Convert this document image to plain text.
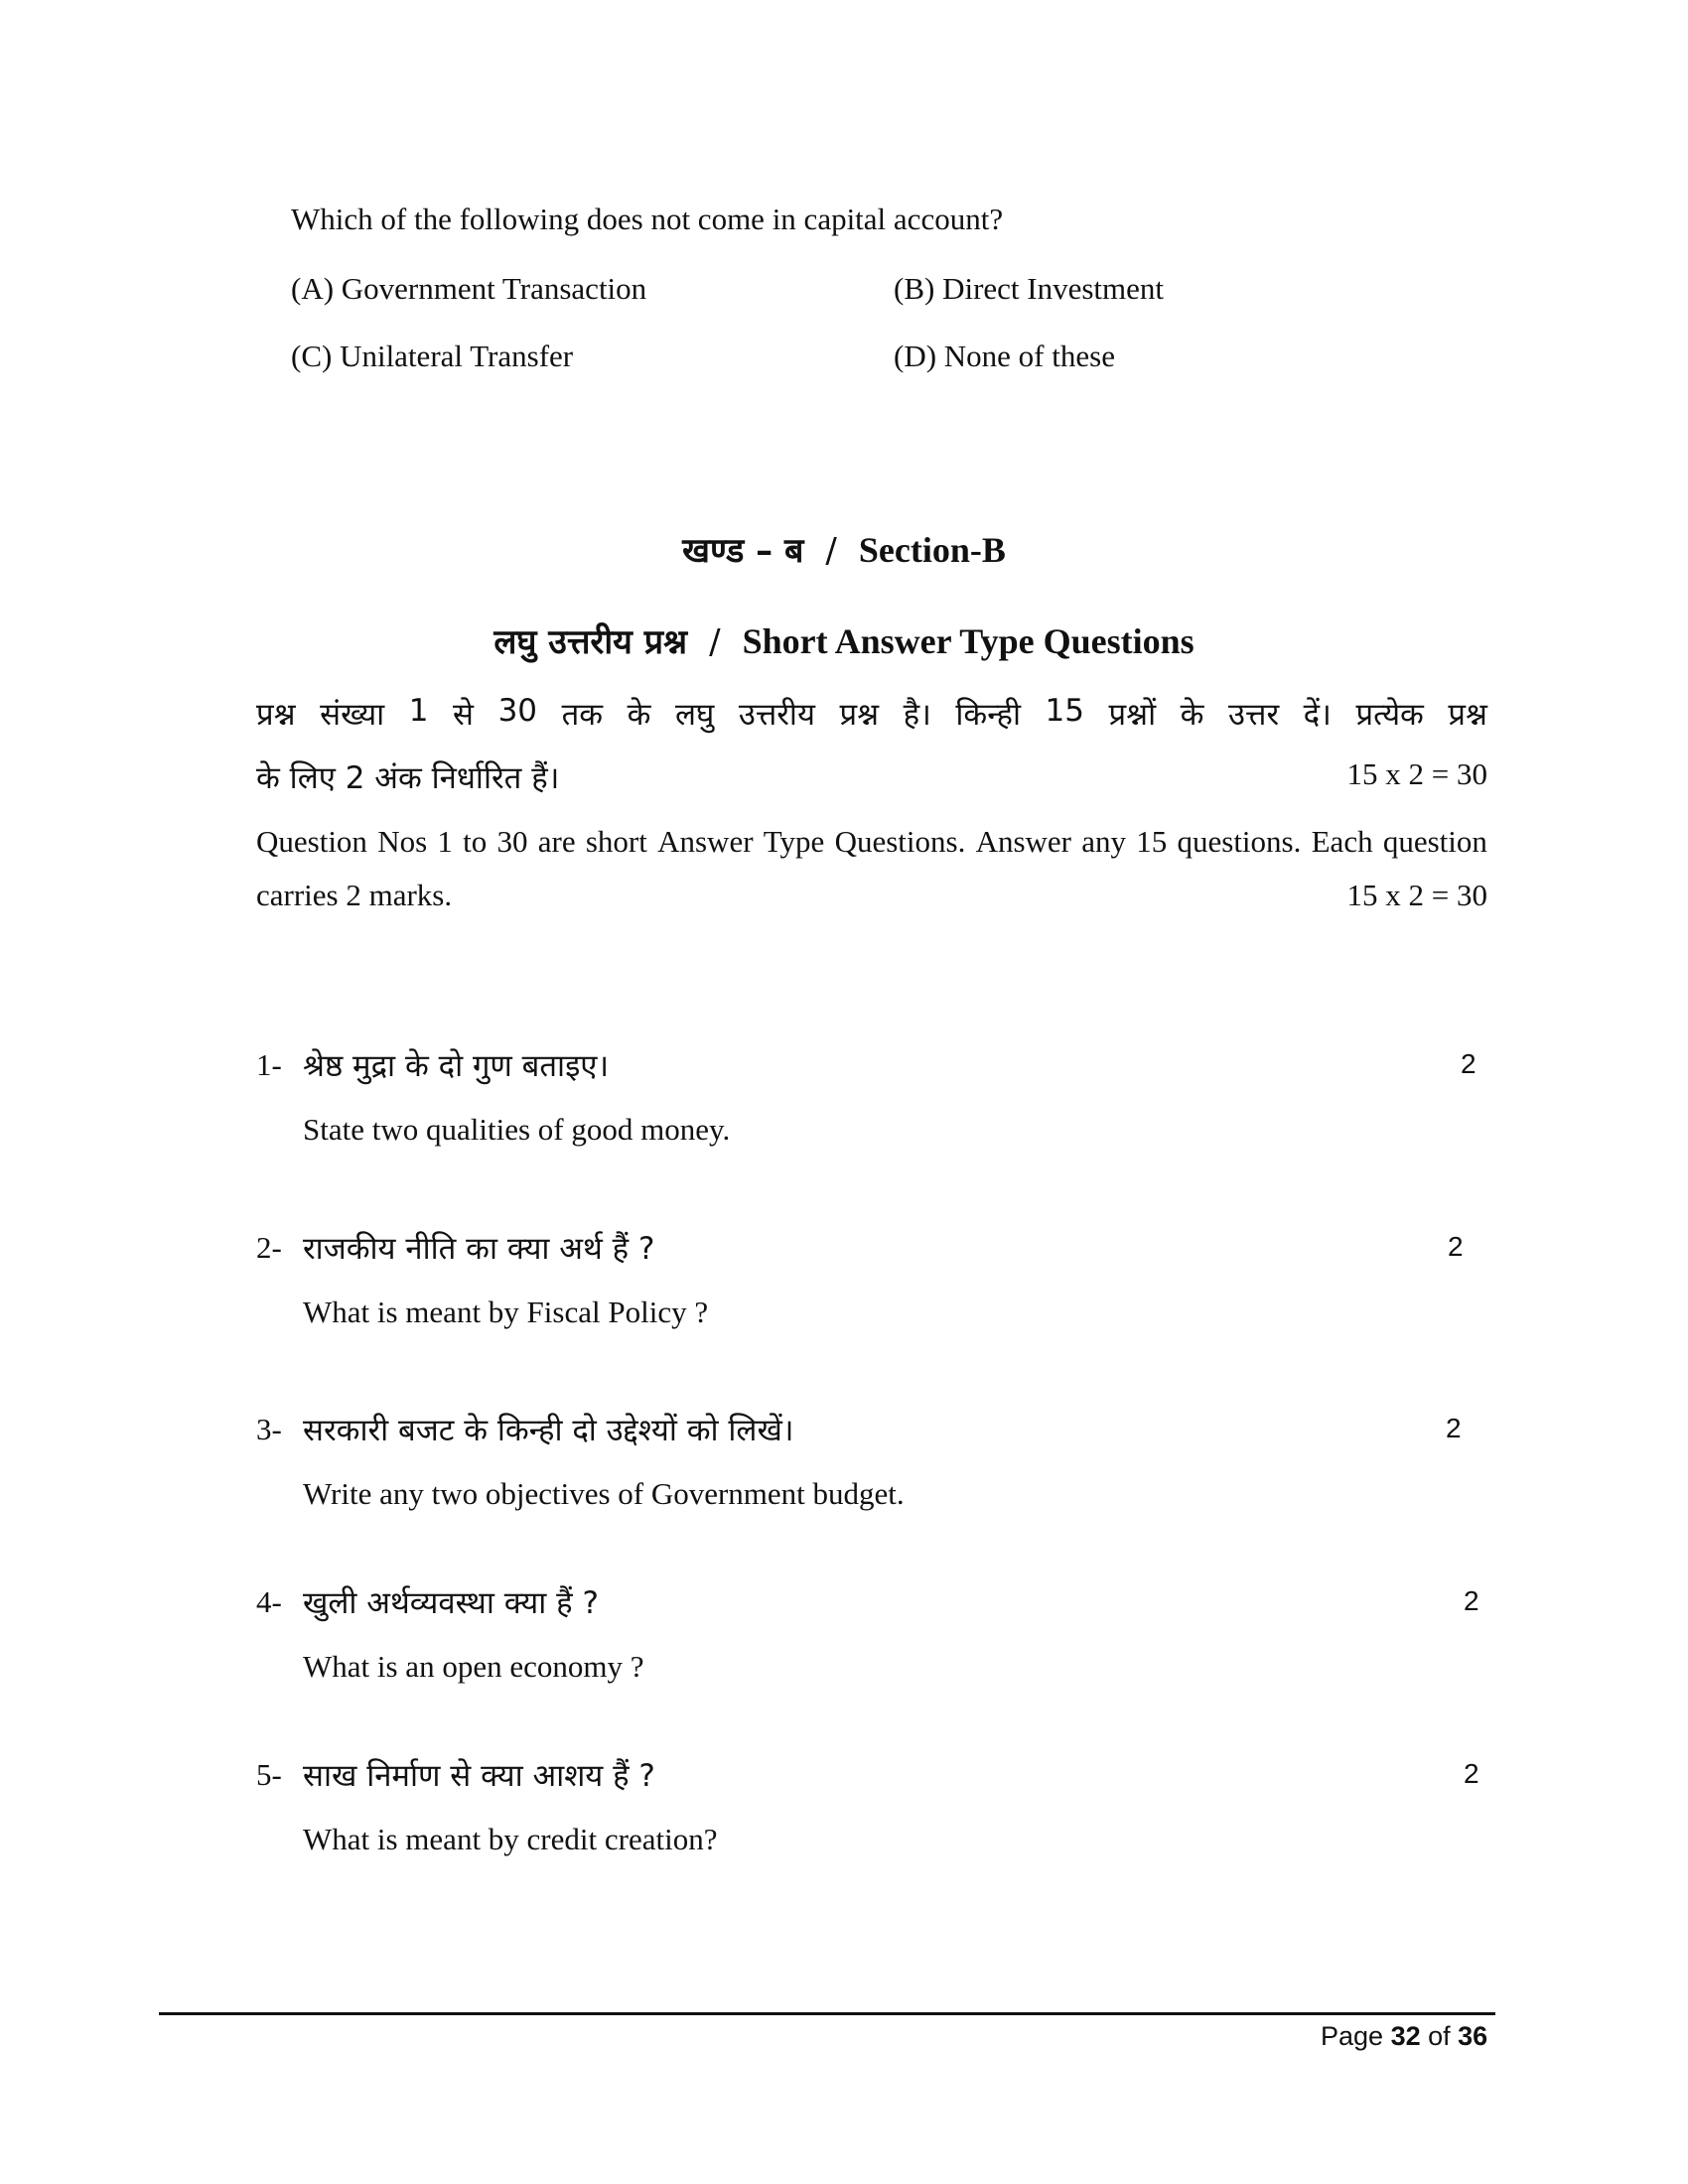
Which of the following does not come in capital account?
(A) Government Transaction	(B) Direct Investment
(C) Unilateral Transfer	(D) None of these
खण्ड – ब / Section-B
लघु उत्तरीय प्रश्न / Short Answer Type Questions
प्रश्न संख्या 1 से 30 तक के लघु उत्तरीय प्रश्न है। किन्ही 15 प्रश्नों के उत्तर दें। प्रत्येक प्रश्न
के लिए 2 अंक निर्धारित हैं।	15 x 2 = 30
Question Nos 1 to 30 are short Answer Type Questions. Answer any 15 questions. Each question
carries 2 marks.	15 x 2 = 30
1- श्रेष्ठ मुद्रा के दो गुण बताइए।	2
State two qualities of good money.
2- राजकीय नीति का क्या अर्थ हैं ?	2
What is meant by Fiscal Policy ?
3- सरकारी बजट के किन्ही दो उद्देश्यों को लिखें।	2
Write any two objectives of Government budget.
4- खुली अर्थव्यवस्था क्या हैं ?	2
What is an open economy ?
5- साख निर्माण से क्या आशय हैं ?	2
What is meant by credit creation?
Page 32 of 36
